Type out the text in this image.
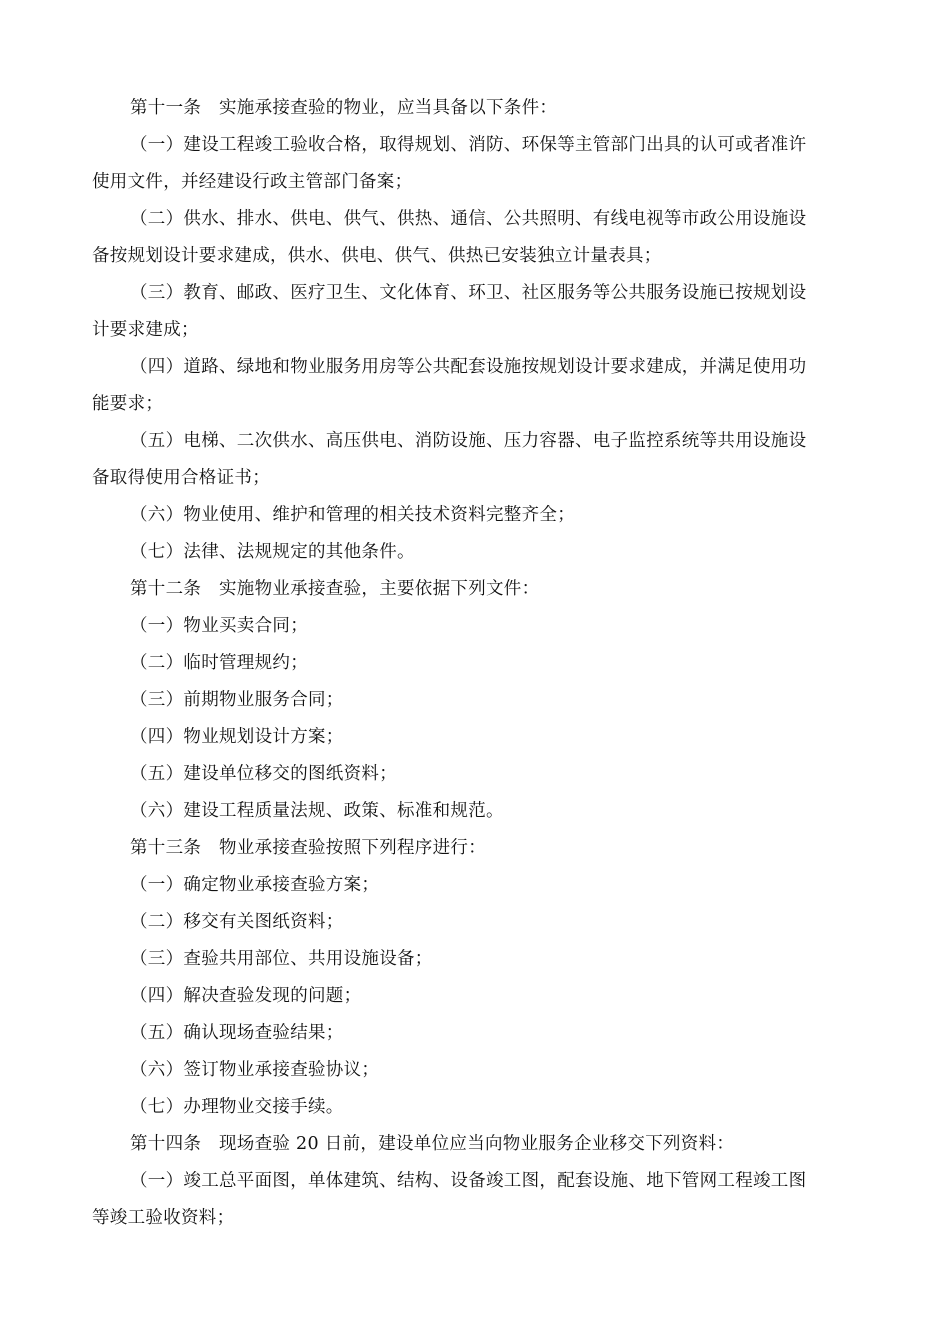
第十一条　实施承接查验的物业，应当具备以下条件：

（一）建设工程竣工验收合格，取得规划、消防、环保等主管部门出具的认可或者准许
使用文件，并经建设行政主管部门备案；

（二）供水、排水、供电、供气、供热、通信、公共照明、有线电视等市政公用设施设
备按规划设计要求建成，供水、供电、供气、供热已安装独立计量表具；

（三）教育、邮政、医疗卫生、文化体育、环卫、社区服务等公共服务设施已按规划设
计要求建成；

（四）道路、绿地和物业服务用房等公共配套设施按规划设计要求建成，并满足使用功
能要求；

（五）电梯、二次供水、高压供电、消防设施、压力容器、电子监控系统等共用设施设
备取得使用合格证书；

（六）物业使用、维护和管理的相关技术资料完整齐全；

（七）法律、法规规定的其他条件。

第十二条　实施物业承接查验，主要依据下列文件：

（一）物业买卖合同；

（二）临时管理规约；

（三）前期物业服务合同；

（四）物业规划设计方案；

（五）建设单位移交的图纸资料；

（六）建设工程质量法规、政策、标准和规范。

第十三条　物业承接查验按照下列程序进行：

（一）确定物业承接查验方案；

（二）移交有关图纸资料；

（三）查验共用部位、共用设施设备；

（四）解决查验发现的问题；

（五）确认现场查验结果；

（六）签订物业承接查验协议；

（七）办理物业交接手续。

第十四条　现场查验 20 日前，建设单位应当向物业服务企业移交下列资料：

（一）竣工总平面图，单体建筑、结构、设备竣工图，配套设施、地下管网工程竣工图
等竣工验收资料；
